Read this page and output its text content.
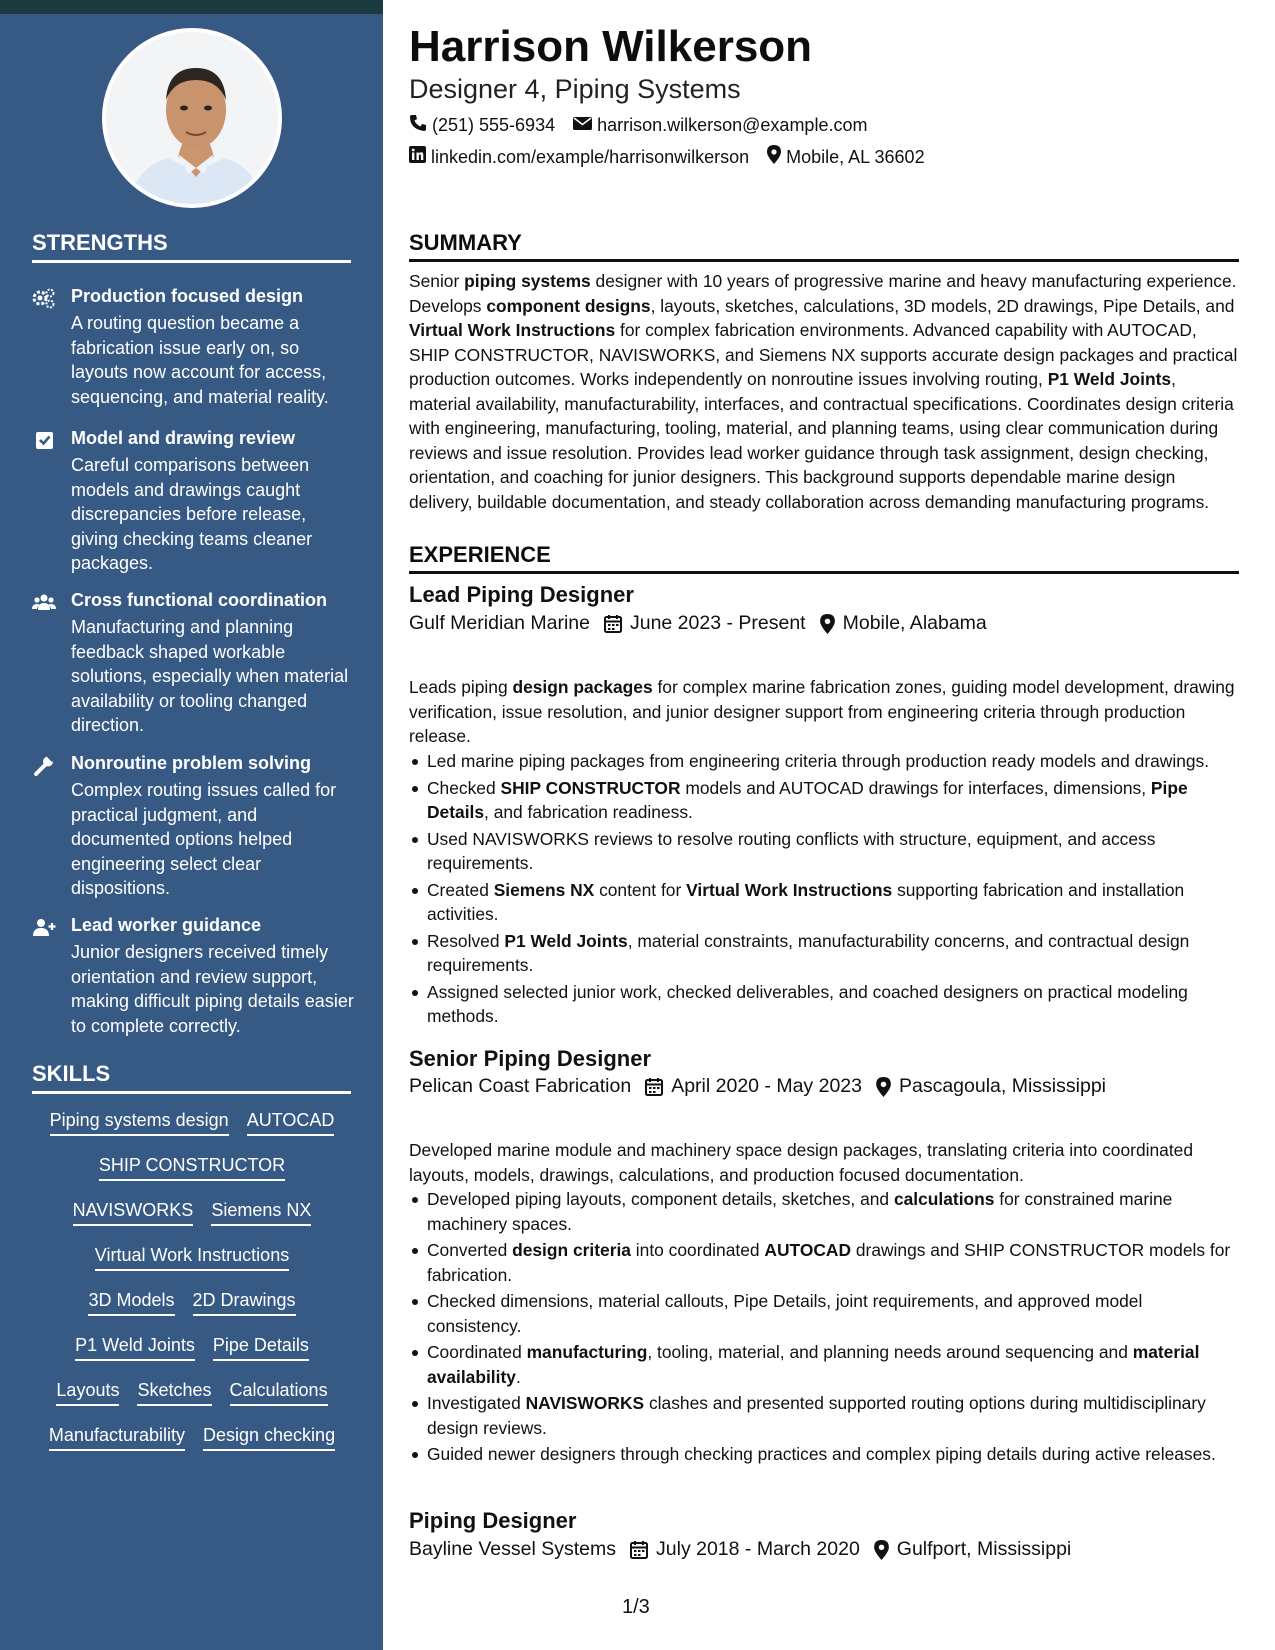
STRENGTHS
Production focused design
A routing question became a fabrication issue early on, so layouts now account for access, sequencing, and material reality.
Model and drawing review
Careful comparisons between models and drawings caught discrepancies before release, giving checking teams cleaner packages.
Cross functional coordination
Manufacturing and planning feedback shaped workable solutions, especially when material availability or tooling changed direction.
Nonroutine problem solving
Complex routing issues called for practical judgment, and documented options helped engineering select clear dispositions.
Lead worker guidance
Junior designers received timely orientation and review support, making difficult piping details easier to complete correctly.
SKILLS
Piping systems design AUTOCAD
SHIP CONSTRUCTOR
NAVISWORKS Siemens NX
Virtual Work Instructions
3D Models 2D Drawings
P1 Weld Joints Pipe Details
Layouts Sketches Calculations
Manufacturability Design checking
Harrison Wilkerson
Designer 4, Piping Systems
(251) 555-6934 harrison.wilkerson@example.com
linkedin.com/example/harrisonwilkerson Mobile, AL 36602
SUMMARY

Senior piping systems designer with 10 years of progressive marine and heavy manufacturing experience. Develops component designs, layouts, sketches, calculations, 3D models, 2D drawings, Pipe Details, and Virtual Work Instructions for complex fabrication environments. Advanced capability with AUTOCAD, SHIP CONSTRUCTOR, NAVISWORKS, and Siemens NX supports accurate design packages and practical production outcomes. Works independently on nonroutine issues involving routing, P1 Weld Joints, material availability, manufacturability, interfaces, and contractual specifications. Coordinates design criteria with engineering, manufacturing, tooling, material, and planning teams, using clear communication during reviews and issue resolution. Provides lead worker guidance through task assignment, design checking, orientation, and coaching for junior designers. This background supports dependable marine design delivery, buildable documentation, and steady collaboration across demanding manufacturing programs.

EXPERIENCE
Lead Piping Designer
Gulf Meridian Marine June 2023 - Present Mobile, Alabama

Leads piping design packages for complex marine fabrication zones, guiding model development, drawing verification, issue resolution, and junior designer support from engineering criteria through production release.

Led marine piping packages from engineering criteria through production ready models and drawings.
Checked SHIP CONSTRUCTOR models and AUTOCAD drawings for interfaces, dimensions, Pipe Details, and fabrication readiness.
Used NAVISWORKS reviews to resolve routing conflicts with structure, equipment, and access requirements.
Created Siemens NX content for Virtual Work Instructions supporting fabrication and installation activities.
Resolved P1 Weld Joints, material constraints, manufacturability concerns, and contractual design requirements.
Assigned selected junior work, checked deliverables, and coached designers on practical modeling methods.
Senior Piping Designer
Pelican Coast Fabrication April 2020 - May 2023 Pascagoula, Mississippi

Developed marine module and machinery space design packages, translating criteria into coordinated layouts, models, drawings, calculations, and production focused documentation.

Developed piping layouts, component details, sketches, and calculations for constrained marine machinery spaces.
Converted design criteria into coordinated AUTOCAD drawings and SHIP CONSTRUCTOR models for fabrication.
Checked dimensions, material callouts, Pipe Details, joint requirements, and approved model consistency.
Coordinated manufacturing, tooling, material, and planning needs around sequencing and material availability.
Investigated NAVISWORKS clashes and presented supported routing options during multidisciplinary design reviews.
Guided newer designers through checking practices and complex piping details during active releases.
Piping Designer
Bayline Vessel Systems July 2018 - March 2020 Gulfport, Mississippi
1/3
